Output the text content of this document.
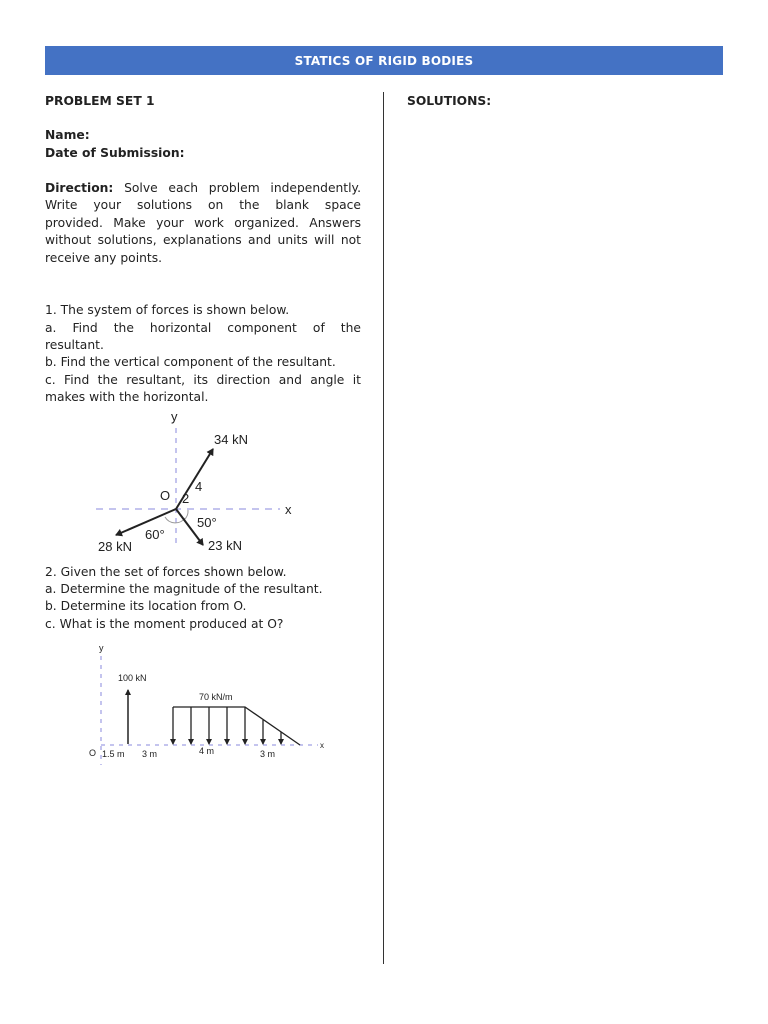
STATICS OF RIGID BODIES
PROBLEM SET 1
Name:
Date of Submission:
Direction: Solve each problem independently.
Write your solutions on the blank space
provided. Make your work organized. Answers
without solutions, explanations and units will not
receive any points.
1. The system of forces is shown below.
a. Find the horizontal component of the
resultant.
b. Find the vertical component of the resultant.
c. Find the resultant, its direction and angle it
makes with the horizontal.
y
x
O
34 kN
28 kN	23 kN
4
2
50°
60°
y
x
O
100 kN
70 kN/m
1.5 m 3 m	4 m	3 m
2. Given the set of forces shown below.
a. Determine the magnitude of the resultant.
b. Determine its location from O.
c. What is the moment produced at O?
SOLUTIONS:
